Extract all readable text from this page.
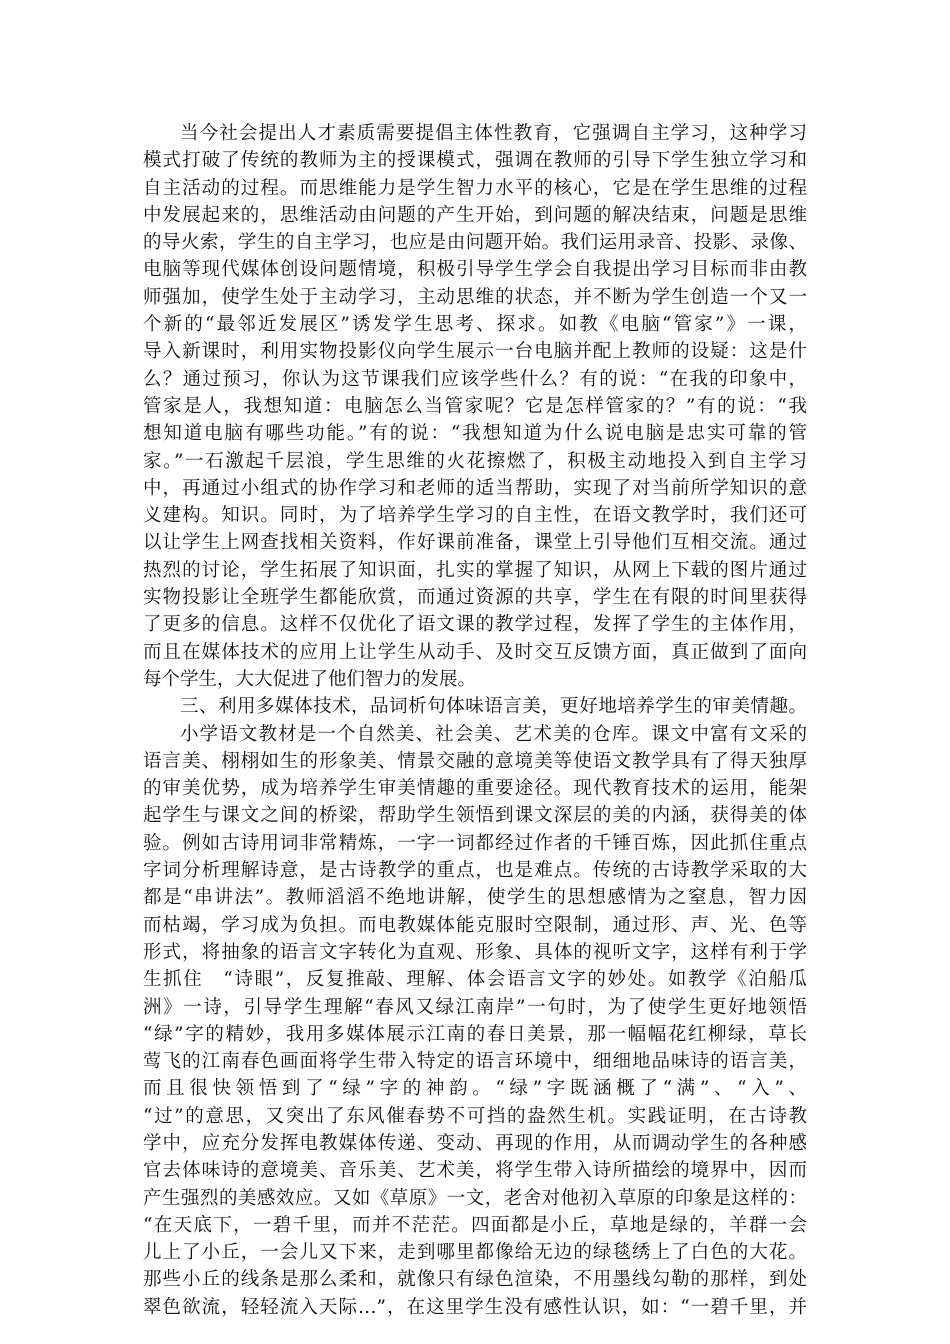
当今社会提出人才素质需要提倡主体性教育，它强调自主学习，这种学习
模式打破了传统的教师为主的授课模式，强调在教师的引导下学生独立学习和
自主活动的过程。而思维能力是学生智力水平的核心，它是在学生思维的过程
中发展起来的，思维活动由问题的产生开始，到问题的解决结束，问题是思维
的导火索，学生的自主学习，也应是由问题开始。我们运用录音、投影、录像、
电脑等现代媒体创设问题情境，积极引导学生学会自我提出学习目标而非由教
师强加，使学生处于主动学习，主动思维的状态，并不断为学生创造一个又一
个新的“最邻近发展区”诱发学生思考、探求。如教《电脑“管家”》一课，
导入新课时，利用实物投影仪向学生展示一台电脑并配上教师的设疑：这是什
么？通过预习，你认为这节课我们应该学些什么？有的说：“在我的印象中，
管家是人，我想知道：电脑怎么当管家呢？它是怎样管家的？”有的说：“我
想知道电脑有哪些功能。”有的说：“我想知道为什么说电脑是忠实可靠的管
家。”一石激起千层浪，学生思维的火花擦燃了，积极主动地投入到自主学习
中，再通过小组式的协作学习和老师的适当帮助，实现了对当前所学知识的意
义建构。知识。同时，为了培养学生学习的自主性，在语文教学时，我们还可
以让学生上网查找相关资料，作好课前准备，课堂上引导他们互相交流。通过
热烈的讨论，学生拓展了知识面，扎实的掌握了知识，从网上下载的图片通过
实物投影让全班学生都能欣赏，而通过资源的共享，学生在有限的时间里获得
了更多的信息。这样不仅优化了语文课的教学过程，发挥了学生的主体作用，
而且在媒体技术的应用上让学生从动手、及时交互反馈方面，真正做到了面向
每个学生，大大促进了他们智力的发展。
三、利用多媒体技术，品词析句体味语言美，更好地培养学生的审美情趣。
小学语文教材是一个自然美、社会美、艺术美的仓库。课文中富有文采的
语言美、栩栩如生的形象美、情景交融的意境美等使语文教学具有了得天独厚
的审美优势，成为培养学生审美情趣的重要途径。现代教育技术的运用，能架
起学生与课文之间的桥梁，帮助学生领悟到课文深层的美的内涵，获得美的体
验。例如古诗用词非常精炼，一字一词都经过作者的千锤百炼，因此抓住重点
字词分析理解诗意，是古诗教学的重点，也是难点。传统的古诗教学采取的大
都是“串讲法”。教师滔滔不绝地讲解，使学生的思想感情为之窒息，智力因
而枯竭，学习成为负担。而电教媒体能克服时空限制，通过形、声、光、色等
形式，将抽象的语言文字转化为直观、形象、具体的视听文字，这样有利于学
生抓住　“诗眼”，反复推敲、理解、体会语言文字的妙处。如教学《泊船瓜
洲》一诗，引导学生理解“春风又绿江南岸”一句时，为了使学生更好地领悟
“绿”字的精妙，我用多媒体展示江南的春日美景，那一幅幅花红柳绿，草长
莺飞的江南春色画面将学生带入特定的语言环境中，细细地品味诗的语言美，
而且很快领悟到了“绿”字的神韵。“绿”字既涵概了“满”、“入”、
“过”的意思，又突出了东风催春势不可挡的盎然生机。实践证明，在古诗教
学中，应充分发挥电教媒体传递、变动、再现的作用，从而调动学生的各种感
官去体味诗的意境美、音乐美、艺术美，将学生带入诗所描绘的境界中，因而
产生强烈的美感效应。又如《草原》一文，老舍对他初入草原的印象是这样的：
“在天底下，一碧千里，而并不茫茫。四面都是小丘，草地是绿的，羊群一会
儿上了小丘，一会儿又下来，走到哪里都像给无边的绿毯绣上了白色的大花。
那些小丘的线条是那么柔和，就像只有绿色渲染，不用墨线勾勒的那样，到处
翠色欲流，轻轻流入天际…”，在这里学生没有感性认识，如：“一碧千里，并
